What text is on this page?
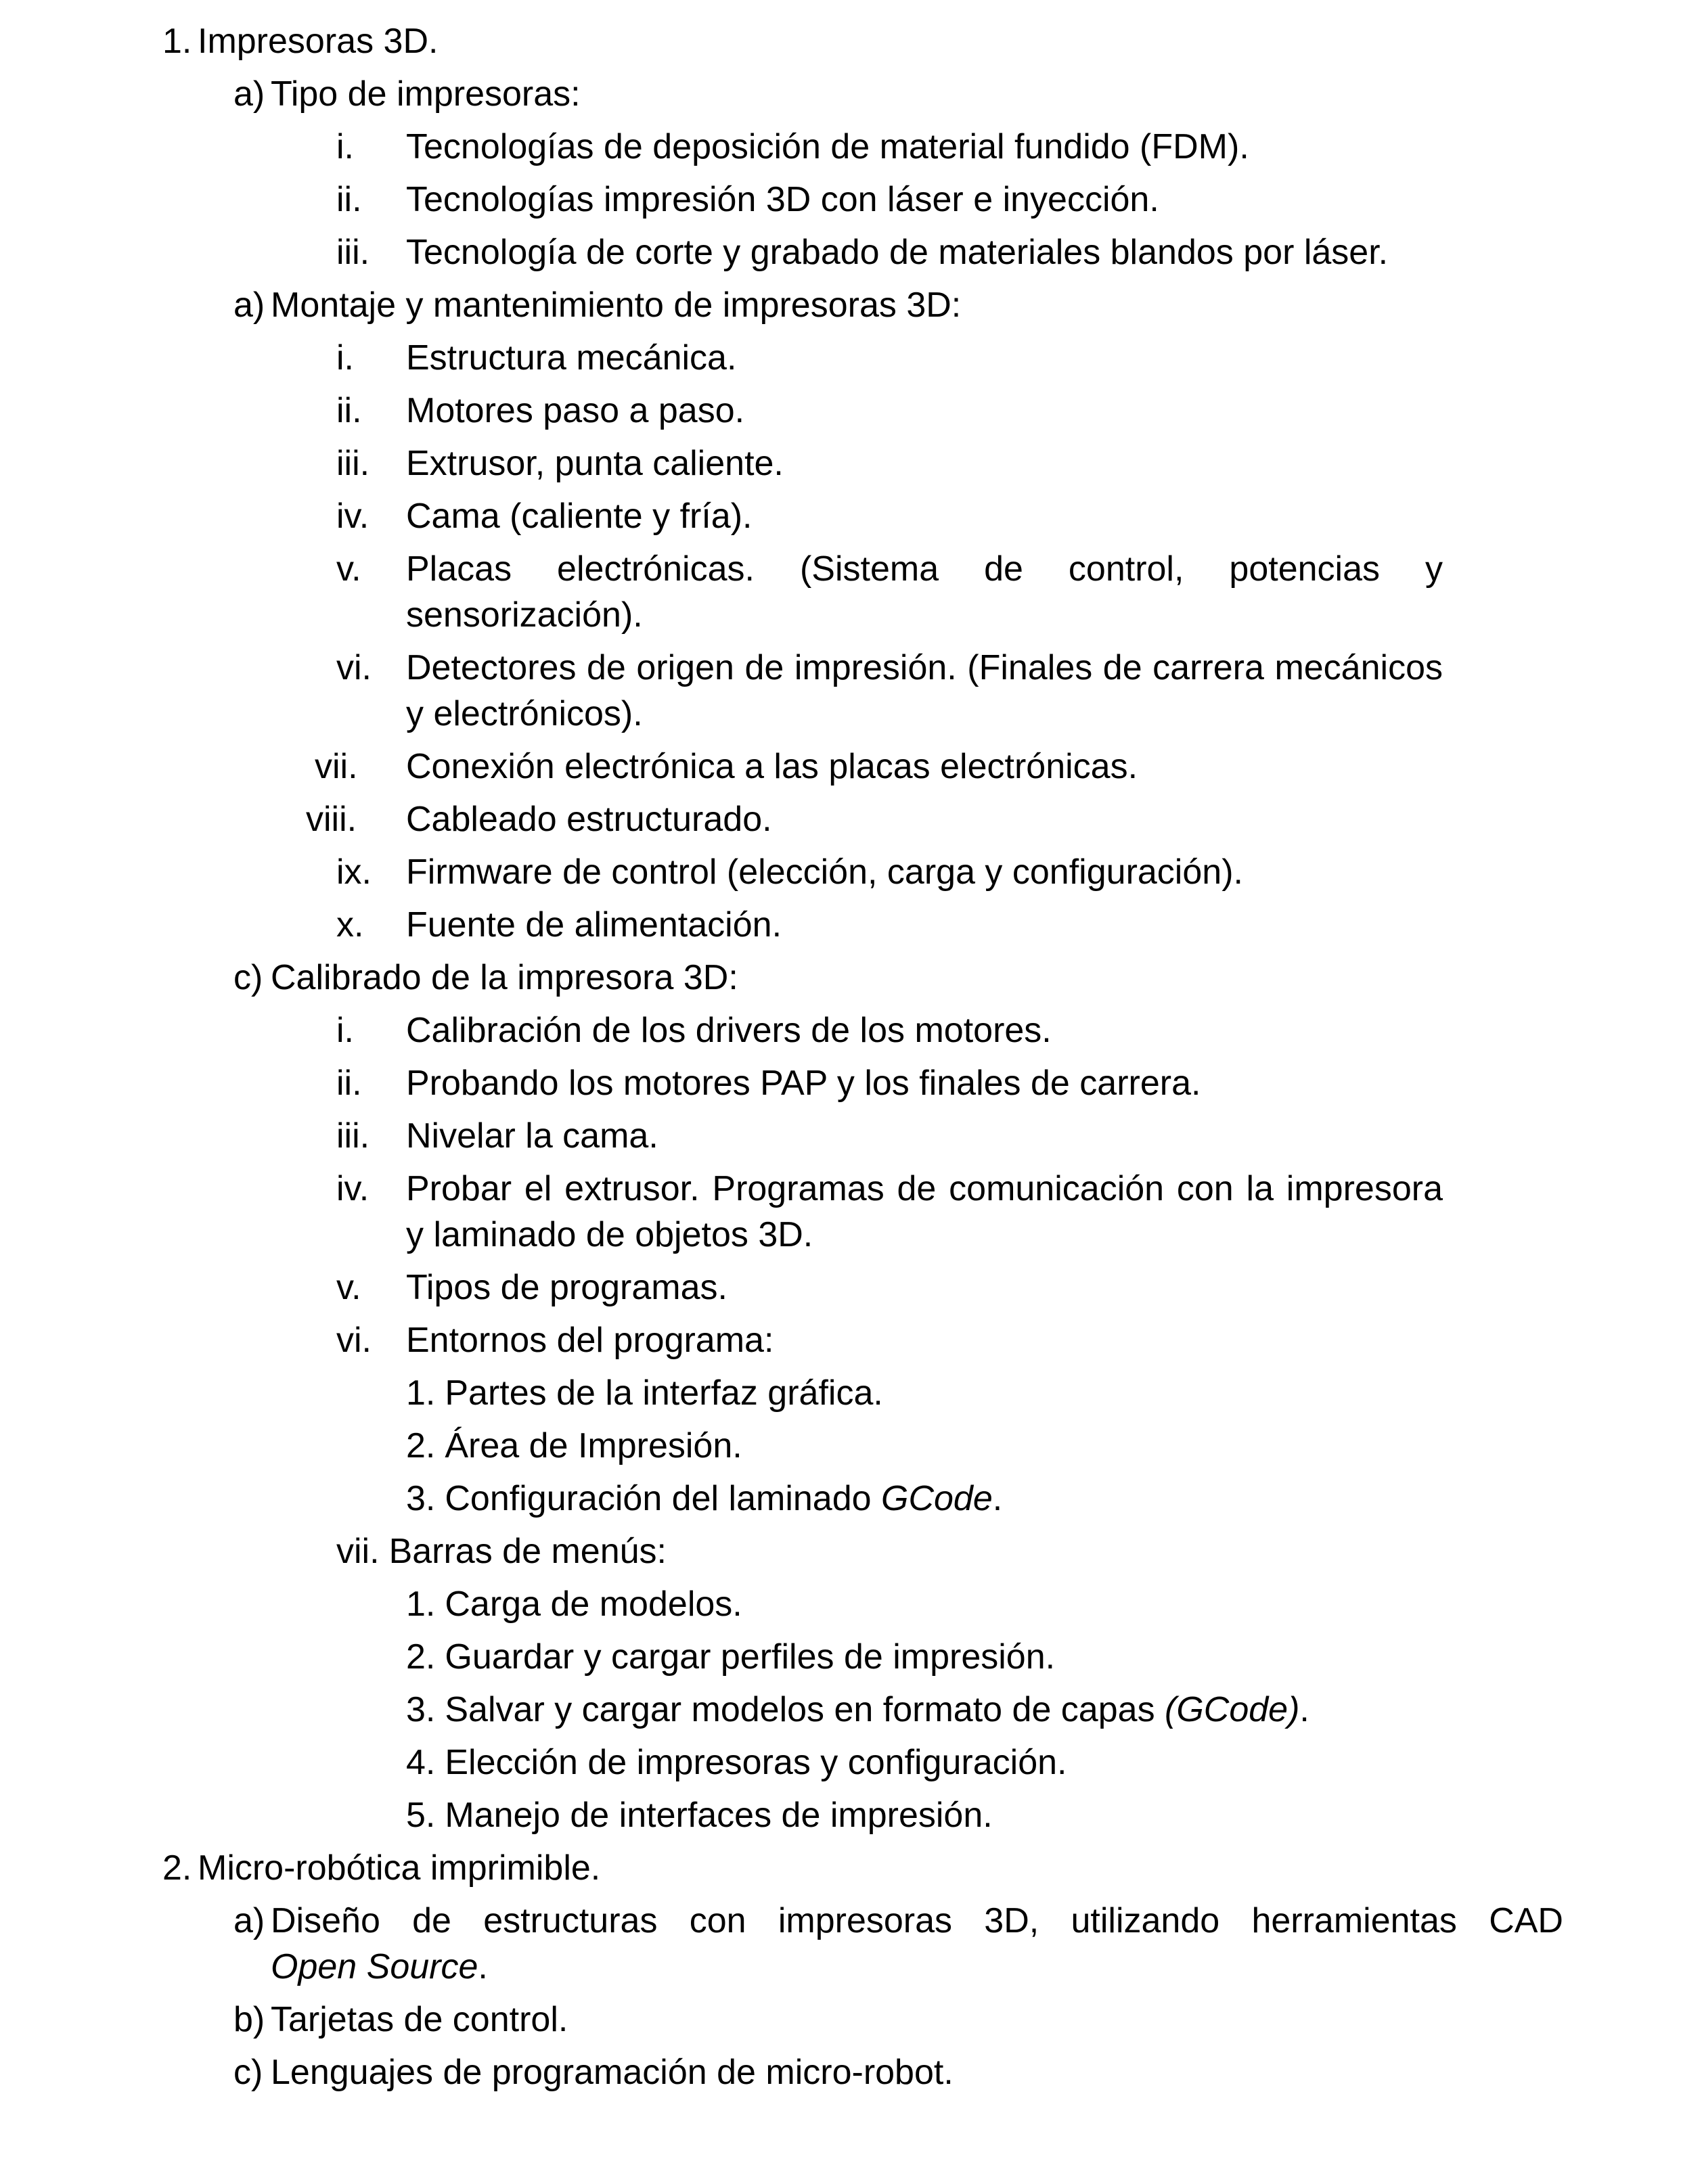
1. Impresoras 3D.
a) Tipo de impresoras:
i. Tecnologías de deposición de material fundido (FDM).
ii. Tecnologías impresión 3D con láser e inyección.
iii. Tecnología de corte y grabado de materiales blandos por láser.
a) Montaje y mantenimiento de impresoras 3D:
i. Estructura mecánica.
ii. Motores paso a paso.
iii. Extrusor, punta caliente.
iv. Cama (caliente y fría).
v. Placas electrónicas. (Sistema de control, potencias y
sensorización).
vi. Detectores de origen de impresión. (Finales de carrera mecánicos
y electrónicos).
vii. Conexión electrónica a las placas electrónicas.
viii. Cableado estructurado.
ix. Firmware de control (elección, carga y configuración).
x. Fuente de alimentación.
c) Calibrado de la impresora 3D:
i. Calibración de los drivers de los motores.
ii. Probando los motores PAP y los finales de carrera.
iii. Nivelar la cama.
iv. Probar el extrusor. Programas de comunicación con la impresora
y laminado de objetos 3D.
v. Tipos de programas.
vi. Entornos del programa:
1. Partes de la interfaz gráfica.
2. Área de Impresión.
3. Configuración del laminado GCode.
vii. Barras de menús:
1. Carga de modelos.
2. Guardar y cargar perfiles de impresión.
3. Salvar y cargar modelos en formato de capas (GCode).
4. Elección de impresoras y configuración.
5. Manejo de interfaces de impresión.
2. Micro-robótica imprimible.
a) Diseño de estructuras con impresoras 3D, utilizando herramientas CAD
Open Source.
b) Tarjetas de control.
c) Lenguajes de programación de micro-robot.
